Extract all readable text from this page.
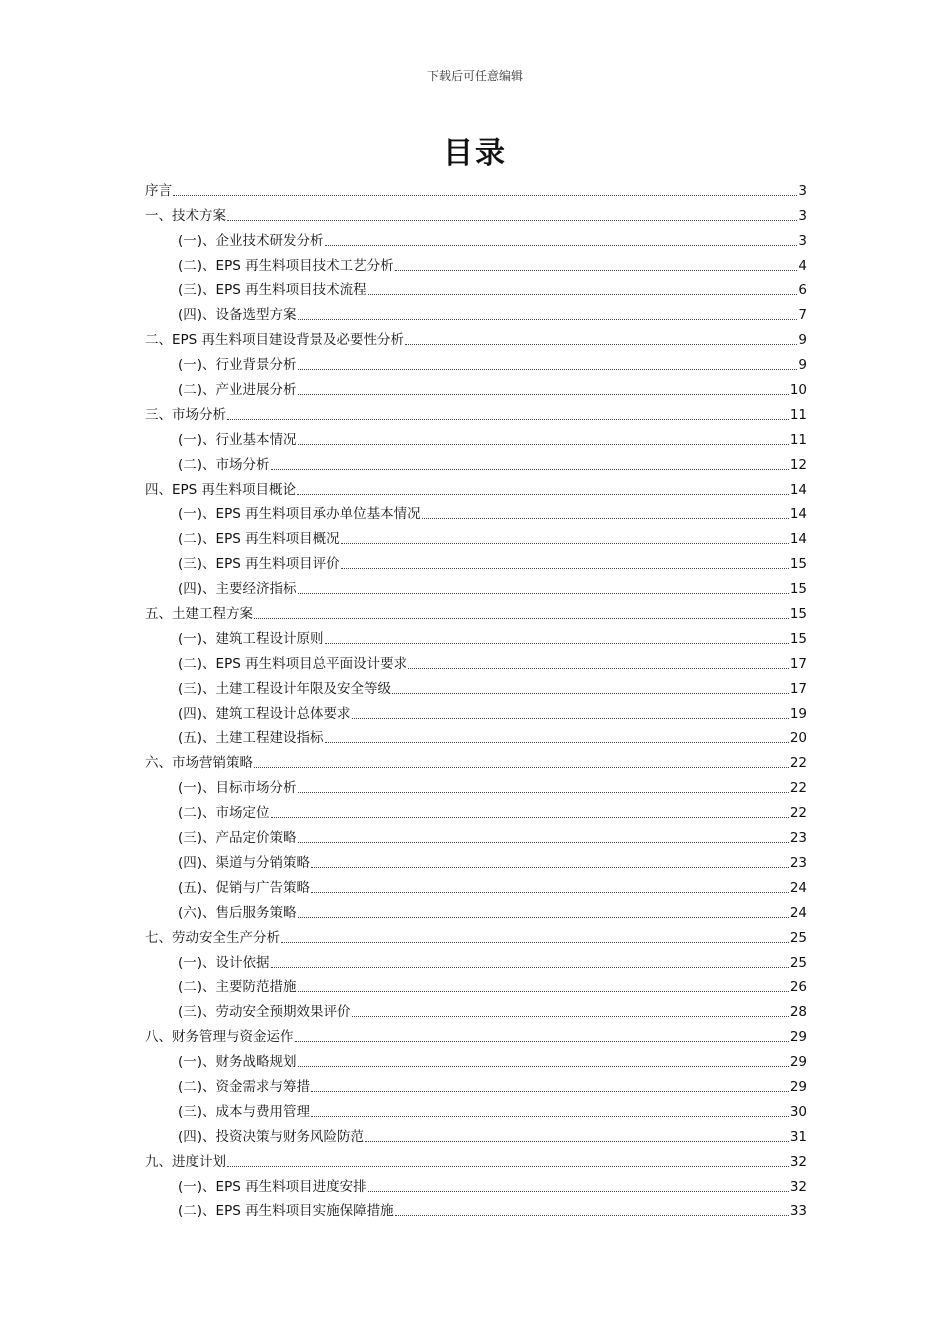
下载后可任意编辑
目录
序言	3
一、技术方案	3
(一)、企业技术研发分析	3
(二)、EPS 再生料项目技术工艺分析	4
(三)、EPS 再生料项目技术流程	6
(四)、设备选型方案	7
二、EPS 再生料项目建设背景及必要性分析	9
(一)、行业背景分析	9
(二)、产业进展分析	10
三、市场分析	11
(一)、行业基本情况	11
(二)、市场分析	12
四、EPS 再生料项目概论	14
(一)、EPS 再生料项目承办单位基本情况	14
(二)、EPS 再生料项目概况	14
(三)、EPS 再生料项目评价	15
(四)、主要经济指标	15
五、土建工程方案	15
(一)、建筑工程设计原则	15
(二)、EPS 再生料项目总平面设计要求	17
(三)、土建工程设计年限及安全等级	17
(四)、建筑工程设计总体要求	19
(五)、土建工程建设指标	20
六、市场营销策略	22
(一)、目标市场分析	22
(二)、市场定位	22
(三)、产品定价策略	23
(四)、渠道与分销策略	23
(五)、促销与广告策略	24
(六)、售后服务策略	24
七、劳动安全生产分析	25
(一)、设计依据	25
(二)、主要防范措施	26
(三)、劳动安全预期效果评价	28
八、财务管理与资金运作	29
(一)、财务战略规划	29
(二)、资金需求与筹措	29
(三)、成本与费用管理	30
(四)、投资决策与财务风险防范	31
九、进度计划	32
(一)、EPS 再生料项目进度安排	32
(二)、EPS 再生料项目实施保障措施	33
